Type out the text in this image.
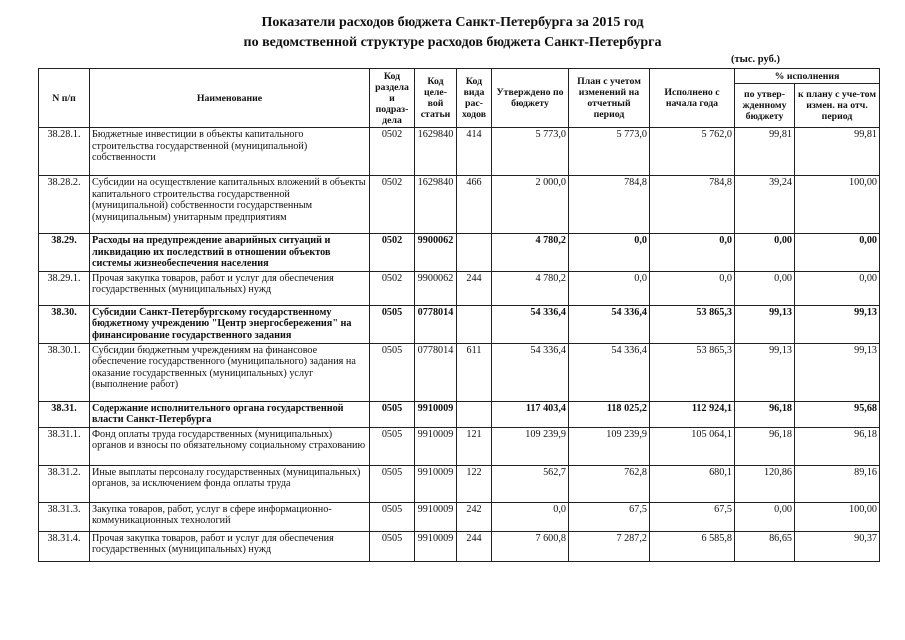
Показатели расходов бюджета Санкт-Петербурга за 2015 год
по ведомственной структуре расходов бюджета Санкт-Петербурга
(тыс. руб.)
N п/п	Наименование	Код раздела и подраз-дела	Код целе-вой статьи	Код вида рас-ходов	Утверждено по бюджету	План с учетом изменений на отчетный период	Исполнено с начала года	% исполнения	
								по утвер-жденному бюджету	к плану с уче-том измен. на отч. период
38.28.1.	Бюджетные инвестиции в объекты капитального строительства государственной (муниципальной) собственности	0502	1629840	414	5 773,0	5 773,0	5 762,0	99,81	99,81
38.28.2.	Субсидии на осуществление капитальных вложений в объекты капитального строительства государственной (муниципальной) собственности государственным (муниципальным) унитарным предприятиям	0502	1629840	466	2 000,0	784,8	784,8	39,24	100,00
38.29.	Расходы на предупреждение аварийных ситуаций и ликвидацию их последствий в отношении объектов системы жизнеобеспечения населения	0502	9900062		4 780,2	0,0	0,0	0,00	0,00
38.29.1.	Прочая закупка товаров, работ и услуг для обеспечения государственных (муниципальных) нужд	0502	9900062	244	4 780,2	0,0	0,0	0,00	0,00
38.30.	Субсидии Санкт-Петербургскому государственному бюджетному учреждению "Центр энергосбережения" на финансирование государственного задания	0505	0778014		54 336,4	54 336,4	53 865,3	99,13	99,13
38.30.1.	Субсидии бюджетным учреждениям на финансовое обеспечение государственного (муниципального) задания на оказание государственных (муниципальных) услуг (выполнение работ)	0505	0778014	611	54 336,4	54 336,4	53 865,3	99,13	99,13
38.31.	Содержание исполнительного органа государственной власти Санкт-Петербурга	0505	9910009		117 403,4	118 025,2	112 924,1	96,18	95,68
38.31.1.	Фонд оплаты труда государственных (муниципальных) органов и взносы по обязательному социальному страхованию	0505	9910009	121	109 239,9	109 239,9	105 064,1	96,18	96,18
38.31.2.	Иные выплаты персоналу государственных (муниципальных) органов, за исключением фонда оплаты труда	0505	9910009	122	562,7	762,8	680,1	120,86	89,16
38.31.3.	Закупка товаров, работ, услуг в сфере информационно-коммуникационных технологий	0505	9910009	242	0,0	67,5	67,5	0,00	100,00
38.31.4.	Прочая закупка товаров, работ и услуг для обеспечения государственных (муниципальных) нужд	0505	9910009	244	7 600,8	7 287,2	6 585,8	86,65	90,37
